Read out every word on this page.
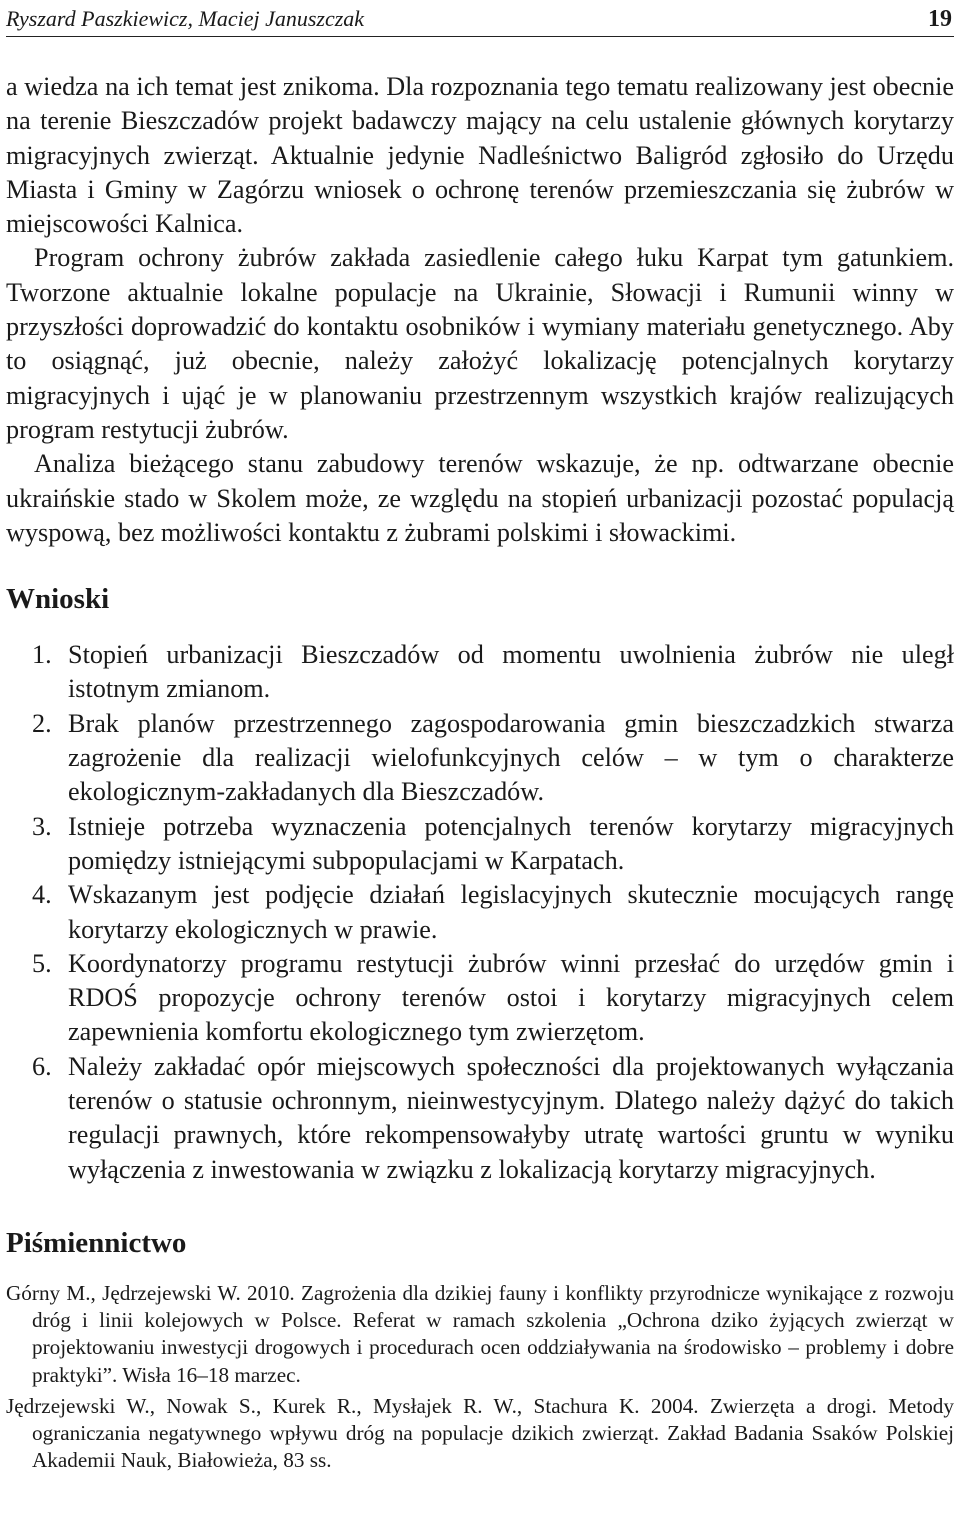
Ryszard Paszkiewicz, Maciej Januszczak	19

a wiedza na ich temat jest znikoma. Dla rozpoznania tego tematu realizowany jest obecnie na terenie Bieszczadów projekt badawczy mający na celu ustalenie głównych korytarzy migracyjnych zwierząt. Aktualnie jedynie Nadleśnictwo Baligród zgłosiło do Urzędu Miasta i Gminy w Zagórzu wniosek o ochronę terenów przemieszczania się żubrów w miejscowości Kalnica.

Program ochrony żubrów zakłada zasiedlenie całego łuku Karpat tym gatunkiem. Tworzone aktualnie lokalne populacje na Ukrainie, Słowacji i Rumunii winny w przyszłości doprowadzić do kontaktu osobników i wymiany materiału genetycznego. Aby to osiągnąć, już obecnie, należy założyć lokalizację potencjalnych korytarzy migracyjnych i ująć je w planowaniu przestrzennym wszystkich krajów realizujących program restytucji żubrów.

Analiza bieżącego stanu zabudowy terenów wskazuje, że np. odtwarzane obecnie ukraińskie stado w Skolem może, ze względu na stopień urbanizacji pozostać populacją wyspową, bez możliwości kontaktu z żubrami polskimi i słowackimi.

Wnioski
1. Stopień urbanizacji Bieszczadów od momentu uwolnienia żubrów nie uległ istotnym zmianom.
2. Brak planów przestrzennego zagospodarowania gmin bieszczadzkich stwarza zagrożenie dla realizacji wielofunkcyjnych celów – w tym o charakterze ekologicznym-zakładanych dla Bieszczadów.
3. Istnieje potrzeba wyznaczenia potencjalnych terenów korytarzy migracyjnych pomiędzy istniejącymi subpopulacjami w Karpatach.
4. Wskazanym jest podjęcie działań legislacyjnych skutecznie mocujących rangę korytarzy ekologicznych w prawie.
5. Koordynatorzy programu restytucji żubrów winni przesłać do urzędów gmin i RDOŚ propozycje ochrony terenów ostoi i korytarzy migracyjnych celem zapewnienia komfortu ekologicznego tym zwierzętom.
6. Należy zakładać opór miejscowych społeczności dla projektowanych wyłączania terenów o statusie ochronnym, nieinwestycyjnym. Dlatego należy dążyć do takich regulacji prawnych, które rekompensowałyby utratę wartości gruntu w wyniku wyłączenia z inwestowania w związku z lokalizacją korytarzy migracyjnych.
Piśmiennictwo
Górny M., Jędrzejewski W. 2010. Zagrożenia dla dzikiej fauny i konflikty przyrodnicze wynikające z rozwoju dróg i linii kolejowych w Polsce. Referat w ramach szkolenia „Ochrona dziko żyjących zwierząt w projektowaniu inwestycji drogowych i procedurach ocen oddziaływania na środowisko – problemy i dobre praktyki”. Wisła 16–18 marzec.
Jędrzejewski W., Nowak S., Kurek R., Mysłajek R. W., Stachura K. 2004. Zwierzęta a drogi. Metody ograniczania negatywnego wpływu dróg na populacje dzikich zwierząt. Zakład Badania Ssaków Polskiej Akademii Nauk, Białowieża, 83 ss.
